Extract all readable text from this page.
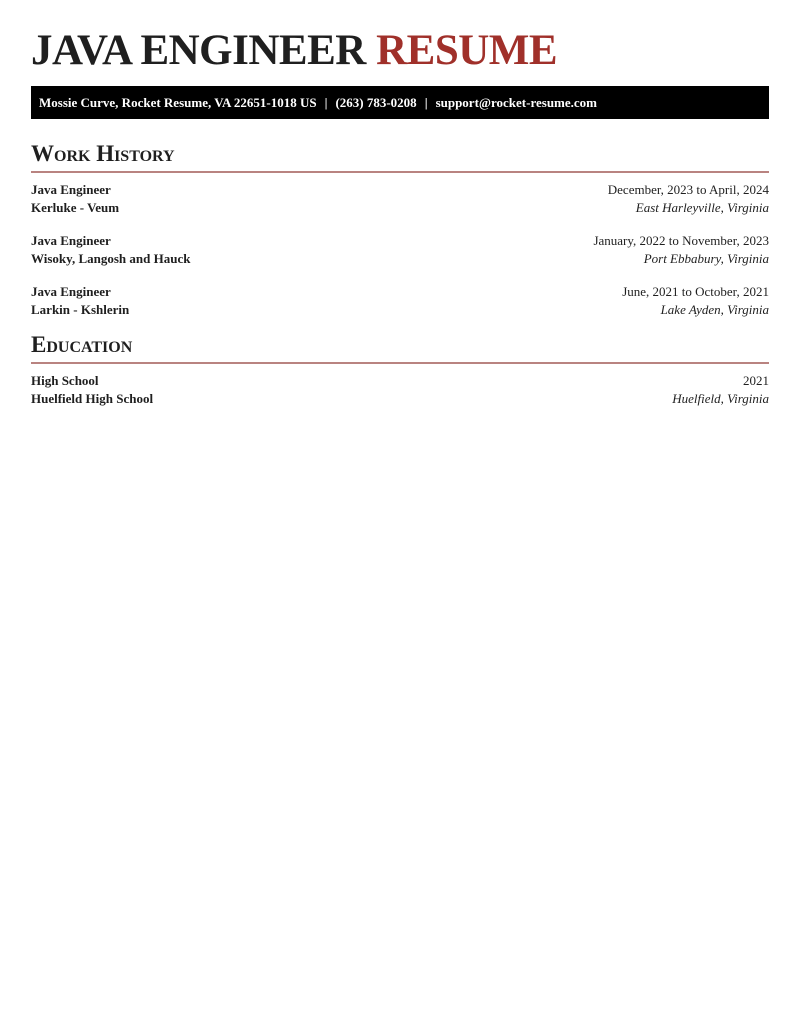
JAVA ENGINEER RESUME
Mossie Curve, Rocket Resume, VA 22651-1018 US | (263) 783-0208 | support@rocket-resume.com
Work History
Java Engineer	December, 2023 to April, 2024
Kerluke - Veum	East Harleyville, Virginia
Java Engineer	January, 2022 to November, 2023
Wisoky, Langosh and Hauck	Port Ebbabury, Virginia
Java Engineer	June, 2021 to October, 2021
Larkin - Kshlerin	Lake Ayden, Virginia
Education
High School	2021
Huelfield High School	Huelfield, Virginia
